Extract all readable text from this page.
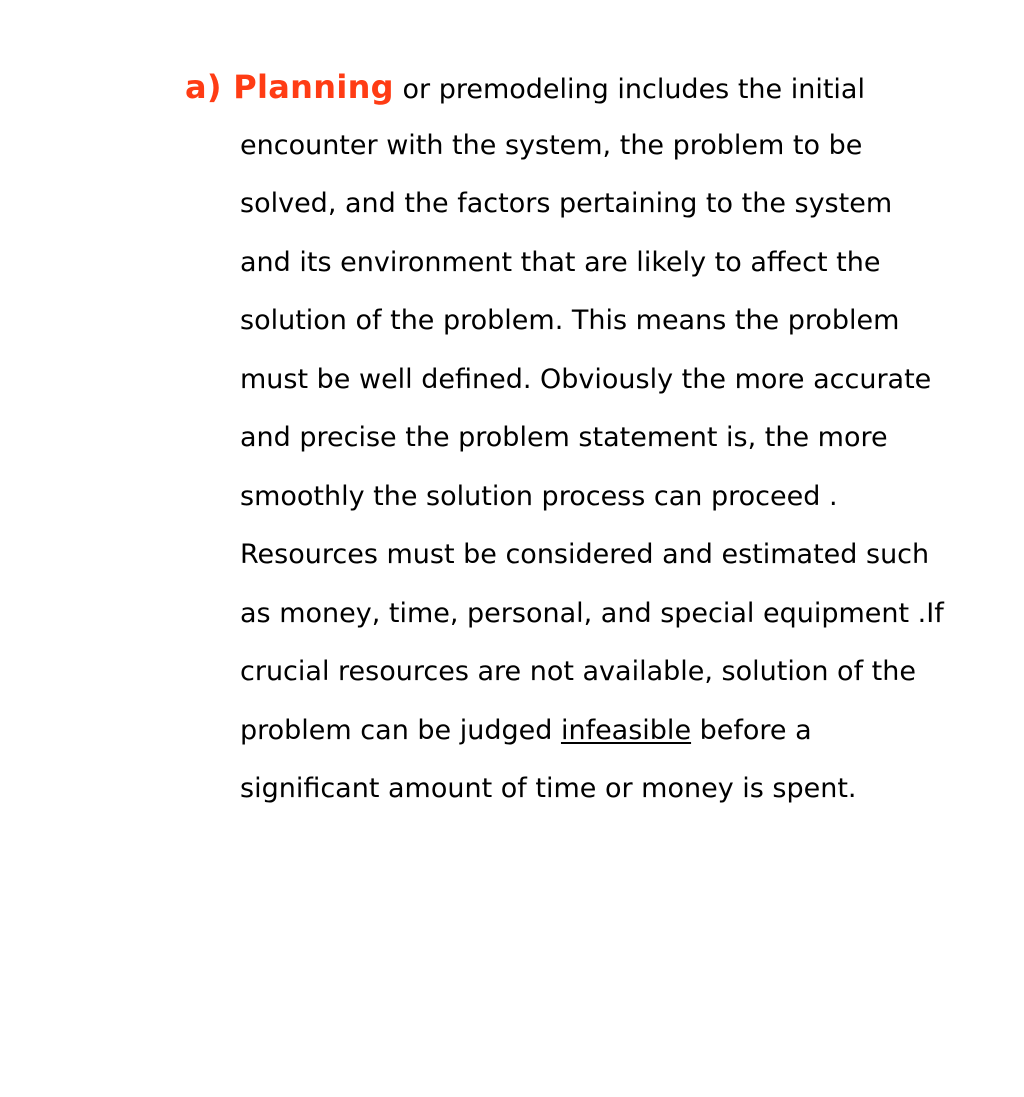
a) Planning or premodeling includes the initial
encounter with the system, the problem to be
solved, and the factors pertaining to the system
and its environment that are likely to affect the
solution of the problem. This means the problem
must be well defined. Obviously the more accurate
and precise the problem statement is, the more
smoothly the solution process can proceed .
Resources must be considered and estimated such
as money, time, personal, and special equipment .If
crucial resources are not available, solution of the
problem can be judged infeasible before a
significant amount of time or money is spent.
